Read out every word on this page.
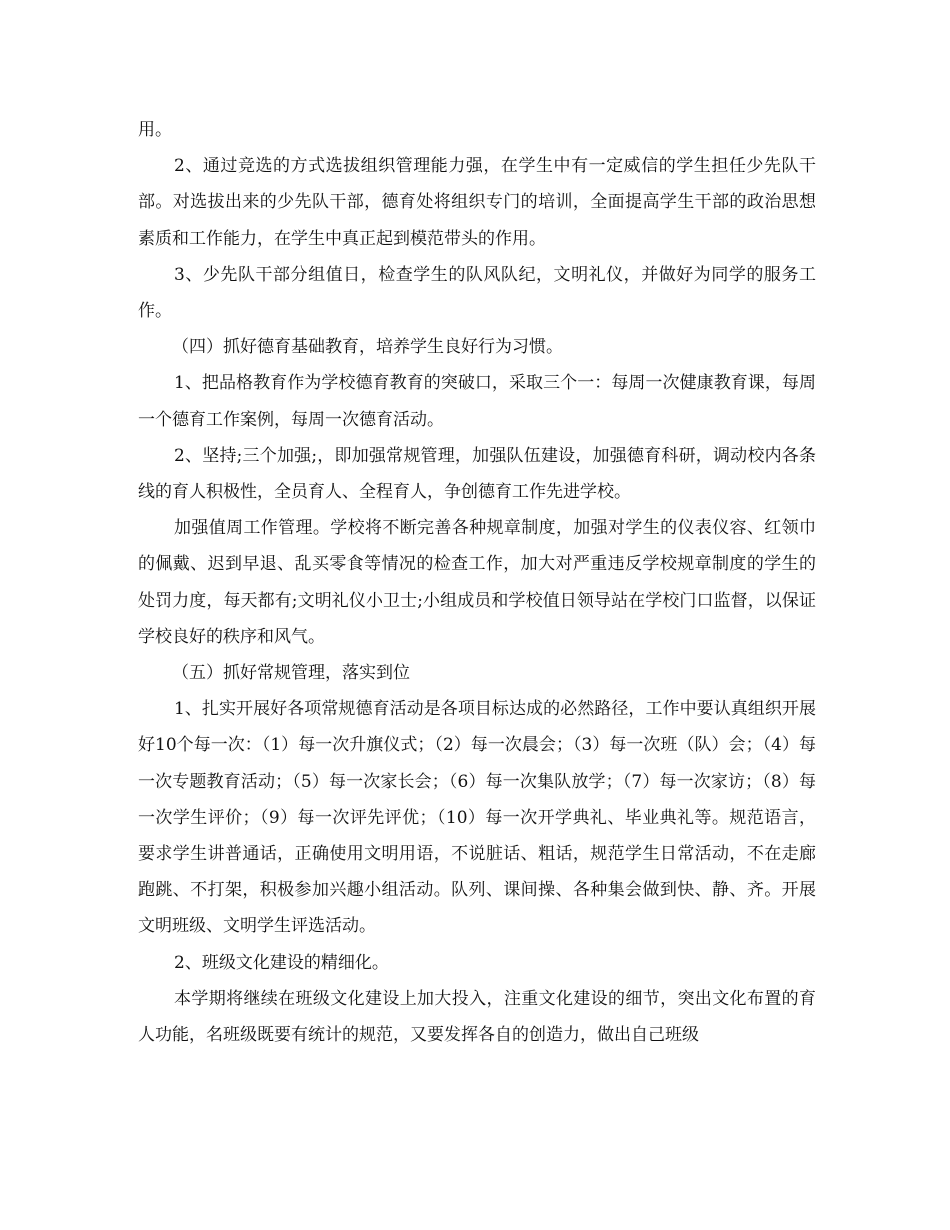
用。

2、通过竞选的方式选拔组织管理能力强，在学生中有一定威信的学生担任少先队干部。对选拔出来的少先队干部，德育处将组织专门的培训，全面提高学生干部的政治思想素质和工作能力，在学生中真正起到模范带头的作用。

3、少先队干部分组值日，检查学生的队风队纪，文明礼仪，并做好为同学的服务工作。

（四）抓好德育基础教育，培养学生良好行为习惯。

1、把品格教育作为学校德育教育的突破口，采取三个一：每周一次健康教育课，每周一个德育工作案例，每周一次德育活动。

2、坚持;三个加强;，即加强常规管理，加强队伍建设，加强德育科研，调动校内各条线的育人积极性，全员育人、全程育人，争创德育工作先进学校。

加强值周工作管理。学校将不断完善各种规章制度，加强对学生的仪表仪容、红领巾的佩戴、迟到早退、乱买零食等情况的检查工作，加大对严重违反学校规章制度的学生的处罚力度，每天都有;文明礼仪小卫士;小组成员和学校值日领导站在学校门口监督，以保证学校良好的秩序和风气。

（五）抓好常规管理，落实到位

1、扎实开展好各项常规德育活动是各项目标达成的必然路径，工作中要认真组织开展好10个每一次：（1）每一次升旗仪式；（2）每一次晨会；（3）每一次班（队）会；（4）每一次专题教育活动；（5）每一次家长会；（6）每一次集队放学；（7）每一次家访；（8）每一次学生评价；（9）每一次评先评优；（10）每一次开学典礼、毕业典礼等。规范语言，要求学生讲普通话，正确使用文明用语，不说脏话、粗话，规范学生日常活动，不在走廊跑跳、不打架，积极参加兴趣小组活动。队列、课间操、各种集会做到快、静、齐。开展文明班级、文明学生评选活动。

2、班级文化建设的精细化。

本学期将继续在班级文化建设上加大投入，注重文化建设的细节，突出文化布置的育人功能，名班级既要有统计的规范，又要发挥各自的创造力，做出自己班级
